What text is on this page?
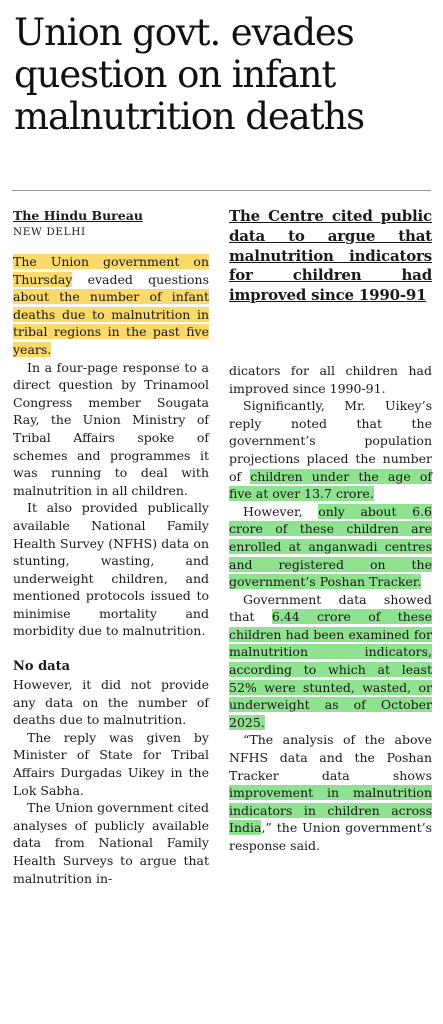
Union govt. evades question on infant malnutrition deaths

The Hindu Bureau

NEW DELHI

The Union government on Thursday evaded questions about the number of infant deaths due to malnutrition in tribal regions in the past five years.

In a four-page response to a direct question by Trinamool Congress member Sougata Ray, the Union Ministry of Tribal Affairs spoke of schemes and programmes it was running to deal with malnutrition in all children.

It also provided publically available National Family Health Survey (NFHS) data on stunting, wasting, and underweight children, and mentioned protocols issued to minimise mortality and morbidity due to malnutrition.

No data

However, it did not provide any data on the number of deaths due to malnutrition.

The reply was given by Minister of State for Tribal Affairs Durgadas Uikey in the Lok Sabha.

The Union government cited analyses of publicly available data from National Family Health Surveys to argue that malnutrition in-

The Centre cited public data to argue that malnutrition indicators for children had improved since 1990-91

dicators for all children had improved since 1990-91.

Significantly, Mr. Uikey’s reply noted that the government’s population projections placed the number of children under the age of five at over 13.7 crore.

However, only about 6.6 crore of these children are enrolled at anganwadi centres and registered on the government’s Poshan Tracker.

Government data showed that 6.44 crore of these children had been examined for malnutrition indicators, according to which at least 52% were stunted, wasted, or underweight as of October 2025.

“The analysis of the above NFHS data and the Poshan Tracker data shows improvement in malnutrition indicators in children across India,” the Union government’s response said.
